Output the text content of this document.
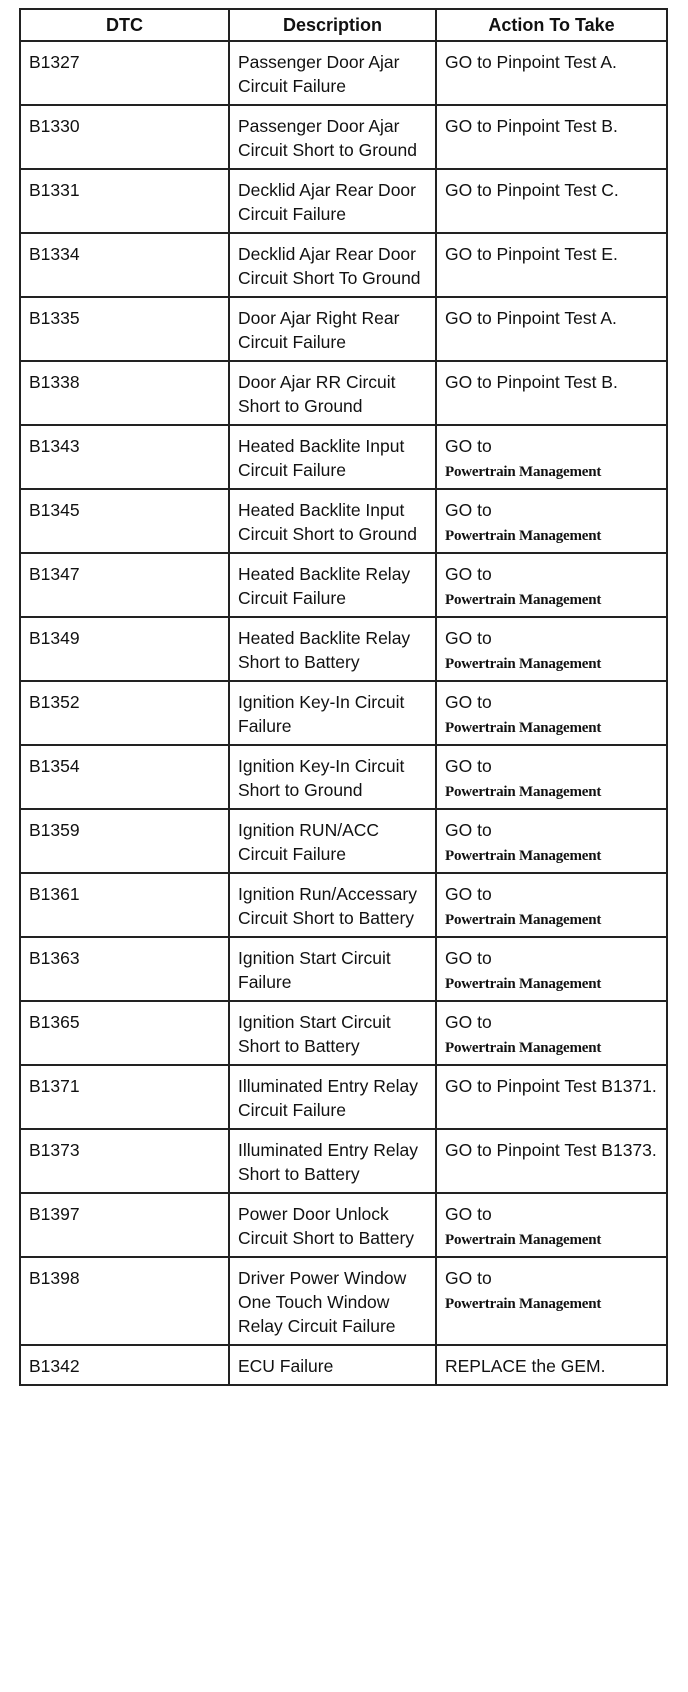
DTC	Description	Action To Take
B1327	Passenger Door Ajar Circuit Failure	GO to Pinpoint Test A.
B1330	Passenger Door Ajar Circuit Short to Ground	GO to Pinpoint Test B.
B1331	Decklid Ajar Rear Door Circuit Failure	GO to Pinpoint Test C.
B1334	Decklid Ajar Rear Door Circuit Short To Ground	GO to Pinpoint Test E.
B1335	Door Ajar Right Rear Circuit Failure	GO to Pinpoint Test A.
B1338	Door Ajar RR Circuit Short to Ground	GO to Pinpoint Test B.
B1343	Heated Backlite Input Circuit Failure	GO to
Powertrain Management

B1345	Heated Backlite Input Circuit Short to Ground	GO to
Powertrain Management

B1347	Heated Backlite Relay Circuit Failure	GO to
Powertrain Management

B1349	Heated Backlite Relay Short to Battery	GO to
Powertrain Management

B1352	Ignition Key-In Circuit Failure	GO to
Powertrain Management

B1354	Ignition Key-In Circuit Short to Ground	GO to
Powertrain Management

B1359	Ignition RUN/ACC Circuit Failure	GO to
Powertrain Management

B1361	Ignition Run/Accessary Circuit Short to Battery	GO to
Powertrain Management

B1363	Ignition Start Circuit Failure	GO to
Powertrain Management

B1365	Ignition Start Circuit Short to Battery	GO to
Powertrain Management

B1371	Illuminated Entry Relay Circuit Failure	GO to Pinpoint Test B1371.
B1373	Illuminated Entry Relay Short to Battery	GO to Pinpoint Test B1373.
B1397	Power Door Unlock Circuit Short to Battery	GO to
Powertrain Management

B1398	Driver Power Window One Touch Window Relay Circuit Failure	GO to
Powertrain Management

B1342	ECU Failure	REPLACE the GEM.
